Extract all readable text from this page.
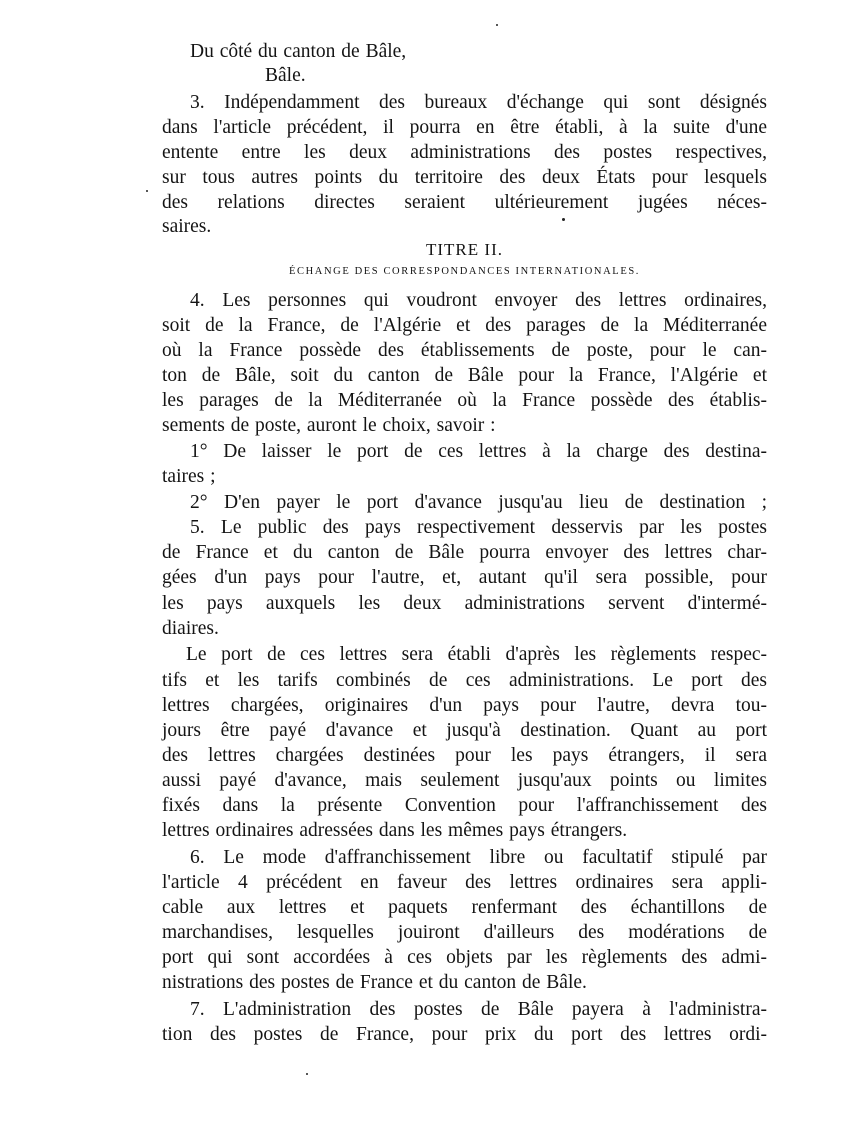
Du côté du canton de Bâle,
Bâle.
3. Indépendamment des bureaux d'échange qui sont désignés
dans l'article précédent, il pourra en être établi, à la suite d'une
entente entre les deux administrations des postes respectives,
sur tous autres points du territoire des deux États pour lesquels
des relations directes seraient ultérieurement jugées néces-
saires.
TITRE II.
ÉCHANGE DES CORRESPONDANCES INTERNATIONALES.
4. Les personnes qui voudront envoyer des lettres ordinaires,
soit de la France, de l'Algérie et des parages de la Méditerranée
où la France possède des établissements de poste, pour le can-
ton de Bâle, soit du canton de Bâle pour la France, l'Algérie et
les parages de la Méditerranée où la France possède des établis-
sements de poste, auront le choix, savoir :
1° De laisser le port de ces lettres à la charge des destina-
taires ;
2° D'en payer le port d'avance jusqu'au lieu de destination ;
5. Le public des pays respectivement desservis par les postes
de France et du canton de Bâle pourra envoyer des lettres char-
gées d'un pays pour l'autre, et, autant qu'il sera possible, pour
les pays auxquels les deux administrations servent d'intermé-
diaires.
Le port de ces lettres sera établi d'après les règlements respec-
tifs et les tarifs combinés de ces administrations. Le port des
lettres chargées, originaires d'un pays pour l'autre, devra tou-
jours être payé d'avance et jusqu'à destination. Quant au port
des lettres chargées destinées pour les pays étrangers, il sera
aussi payé d'avance, mais seulement jusqu'aux points ou limites
fixés dans la présente Convention pour l'affranchissement des
lettres ordinaires adressées dans les mêmes pays étrangers.
6. Le mode d'affranchissement libre ou facultatif stipulé par
l'article 4 précédent en faveur des lettres ordinaires sera appli-
cable aux lettres et paquets renfermant des échantillons de
marchandises, lesquelles jouiront d'ailleurs des modérations de
port qui sont accordées à ces objets par les règlements des admi-
nistrations des postes de France et du canton de Bâle.
7. L'administration des postes de Bâle payera à l'administra-
tion des postes de France, pour prix du port des lettres ordi-
